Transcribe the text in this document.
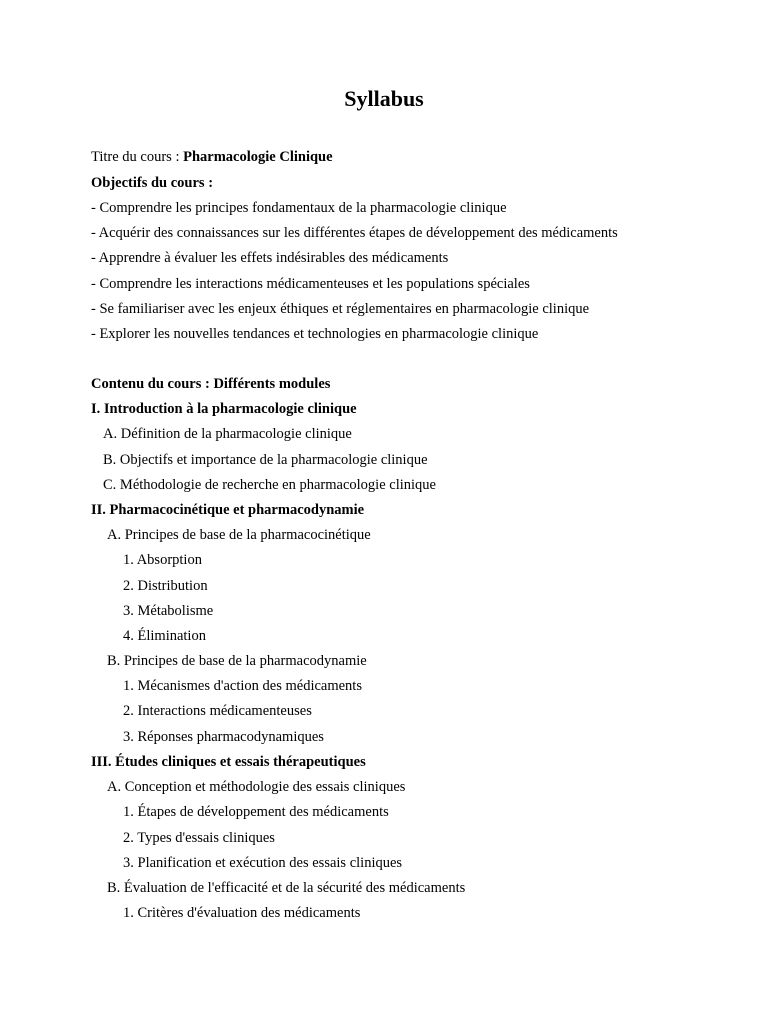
Syllabus
Titre du cours : Pharmacologie Clinique
Objectifs du cours :
- Comprendre les principes fondamentaux de la pharmacologie clinique
- Acquérir des connaissances sur les différentes étapes de développement des médicaments
- Apprendre à évaluer les effets indésirables des médicaments
- Comprendre les interactions médicamenteuses et les populations spéciales
- Se familiariser avec les enjeux éthiques et réglementaires en pharmacologie clinique
- Explorer les nouvelles tendances et technologies en pharmacologie clinique
Contenu du cours : Différents modules
I. Introduction à la pharmacologie clinique
A. Définition de la pharmacologie clinique
B. Objectifs et importance de la pharmacologie clinique
C. Méthodologie de recherche en pharmacologie clinique
II. Pharmacocinétique et pharmacodynamie
A. Principes de base de la pharmacocinétique
1. Absorption
2. Distribution
3. Métabolisme
4. Élimination
B. Principes de base de la pharmacodynamie
1. Mécanismes d'action des médicaments
2. Interactions médicamenteuses
3. Réponses pharmacodynamiques
III. Études cliniques et essais thérapeutiques
A. Conception et méthodologie des essais cliniques
1. Étapes de développement des médicaments
2. Types d'essais cliniques
3. Planification et exécution des essais cliniques
B. Évaluation de l'efficacité et de la sécurité des médicaments
1. Critères d'évaluation des médicaments
